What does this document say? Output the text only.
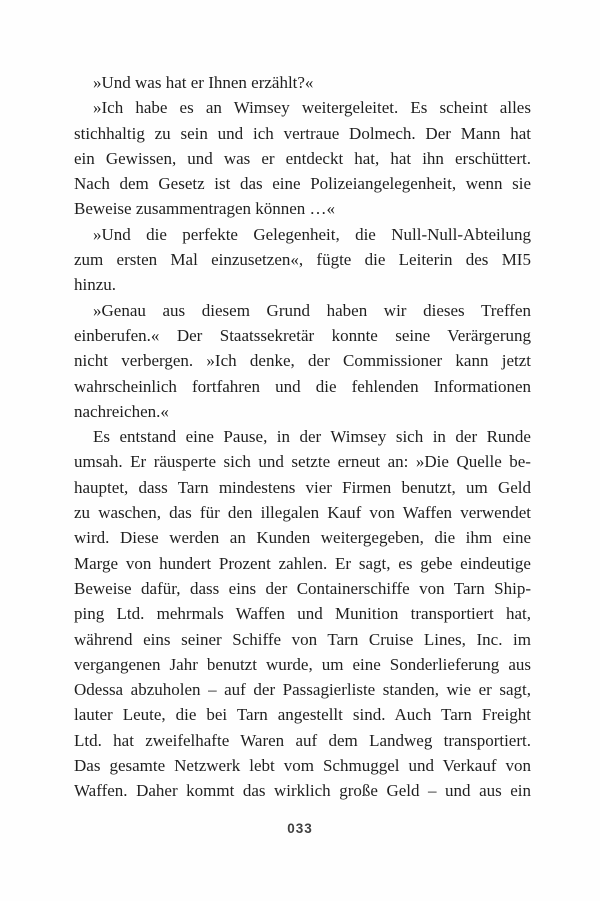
»Und was hat er Ihnen erzählt?«
»Ich habe es an Wimsey weitergeleitet. Es scheint alles
stichhaltig zu sein und ich vertraue Dolmech. Der Mann hat
ein Gewissen, und was er entdeckt hat, hat ihn erschüttert.
Nach dem Gesetz ist das eine Polizeiangelegenheit, wenn sie
Beweise zusammentragen können …«
»Und die perfekte Gelegenheit, die Null-Null-Abteilung
zum ersten Mal einzusetzen«, fügte die Leiterin des MI5
hinzu.
»Genau aus diesem Grund haben wir dieses Treffen
einberufen.« Der Staatssekretär konnte seine Verärgerung
nicht verbergen. »Ich denke, der Commissioner kann jetzt
wahrscheinlich fortfahren und die fehlenden Informationen
nachreichen.«
Es entstand eine Pause, in der Wimsey sich in der Runde
umsah. Er räusperte sich und setzte erneut an: »Die Quelle be-
hauptet, dass Tarn mindestens vier Firmen benutzt, um Geld
zu waschen, das für den illegalen Kauf von Waffen verwendet
wird. Diese werden an Kunden weitergegeben, die ihm eine
Marge von hundert Prozent zahlen. Er sagt, es gebe eindeutige
Beweise dafür, dass eins der Containerschiffe von Tarn Ship-
ping Ltd. mehrmals Waffen und Munition transportiert hat,
während eins seiner Schiffe von Tarn Cruise Lines, Inc. im
vergangenen Jahr benutzt wurde, um eine Sonderlieferung aus
Odessa abzuholen – auf der Passagierliste standen, wie er sagt,
lauter Leute, die bei Tarn angestellt sind. Auch Tarn Freight
Ltd. hat zweifelhafte Waren auf dem Landweg transportiert.
Das gesamte Netzwerk lebt vom Schmuggel und Verkauf von
Waffen. Daher kommt das wirklich große Geld – und aus ein
033
